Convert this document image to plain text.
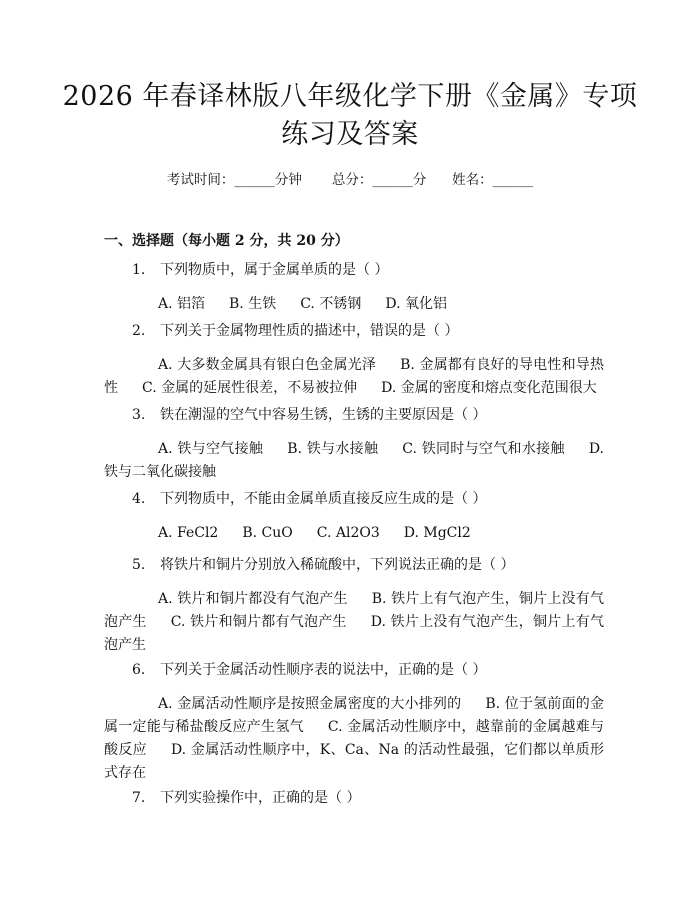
2026 年春译林版八年级化学下册《金属》专项练习及答案
考试时间：______分钟 总分：______分 姓名：______
一、选择题（每小题 2 分，共 20 分）
1. 下列物质中，属于金属单质的是（ ）
A. 铝箔 B. 生铁 C. 不锈钢 D. 氧化铝
2. 下列关于金属物理性质的描述中，错误的是（ ）
A. 大多数金属具有银白色金属光泽 B. 金属都有良好的导电性和导热性 C. 金属的延展性很差，不易被拉伸 D. 金属的密度和熔点变化范围很大
3. 铁在潮湿的空气中容易生锈，生锈的主要原因是（ ）
A. 铁与空气接触 B. 铁与水接触 C. 铁同时与空气和水接触 D. 铁与二氧化碳接触
4. 下列物质中，不能由金属单质直接反应生成的是（ ）
A. FeCl2 B. CuO C. Al2O3 D. MgCl2
5. 将铁片和铜片分别放入稀硫酸中，下列说法正确的是（ ）
A. 铁片和铜片都没有气泡产生 B. 铁片上有气泡产生，铜片上没有气泡产生 C. 铁片和铜片都有气泡产生 D. 铁片上没有气泡产生，铜片上有气泡产生
6. 下列关于金属活动性顺序表的说法中，正确的是（ ）
A. 金属活动性顺序是按照金属密度的大小排列的 B. 位于氢前面的金属一定能与稀盐酸反应产生氢气 C. 金属活动性顺序中，越靠前的金属越难与酸反应 D. 金属活动性顺序中，K、Ca、Na 的活动性最强，它们都以单质形式存在
7. 下列实验操作中，正确的是（ ）
